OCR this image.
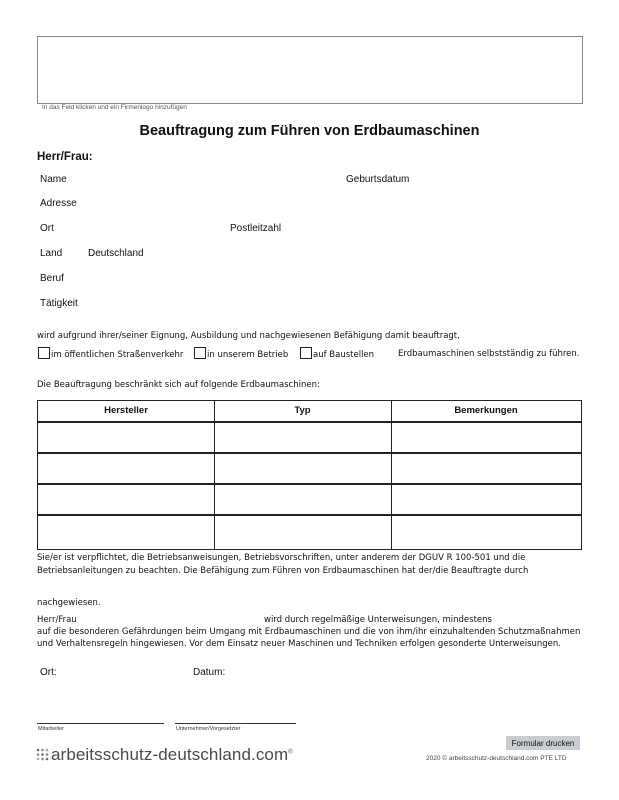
In das Feld klicken und ein Firmenlogo hinzufügen
Beauftragung zum Führen von Erdbaumaschinen
Herr/Frau:
Name	Geburtsdatum
Adresse
Ort	Postleitzahl
Land	Deutschland
Beruf
Tätigkeit
wird aufgrund ihrer/seiner Eignung, Ausbildung und nachgewiesenen Befähigung damit beauftragt,
im öffentlichen Straßenverkehr	in unserem Betrieb	auf Baustellen	Erdbaumaschinen selbstständig zu führen.
Die Beauftragung beschränkt sich auf folgende Erdbaumaschinen:
Hersteller	Typ	Bemerkungen
Sie/er ist verpflichtet, die Betriebsanweisungen, Betriebsvorschriften, unter anderem der DGUV R 100-501 und die
Betriebsanleitungen zu beachten. Die Befähigung zum Führen von Erdbaumaschinen hat der/die Beauftragte durch
nachgewiesen.
Herr/Frau	wird durch regelmäßige Unterweisungen, mindestens
auf die besonderen Gefährdungen beim Umgang mit Erdbaumaschinen und die von ihm/ihr einzuhaltenden Schutzmaßnahmen
und Verhaltensregeln hingewiesen. Vor dem Einsatz neuer Maschinen und Techniken erfolgen gesonderte Unterweisungen.
Ort:	Datum:
Mitarbeiter	Unternehmer/Vorgesetzter
Formular drucken
arbeitsschutz-deutschland.com®
2020 © arbeitsschutz-deutschland.com PTE LTD
